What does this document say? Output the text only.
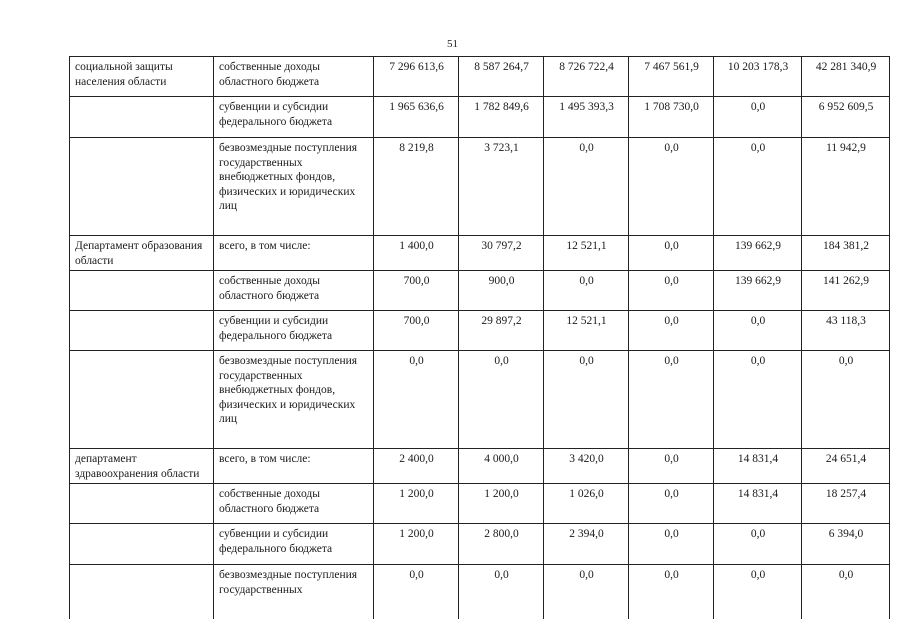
51
социальной защиты населения области	собственные доходы областного бюджета	7 296 613,6	8 587 264,7	8 726 722,4	7 467 561,9	10 203 178,3	42 281 340,9
	субвенции и субсидии федерального бюджета	1 965 636,6	1 782 849,6	1 495 393,3	1 708 730,0	0,0	6 952 609,5
	безвозмездные поступления государственных внебюджетных фондов, физических и юридических лиц	8 219,8	3 723,1	0,0	0,0	0,0	11 942,9
Департамент образования области	всего, в том числе:	1 400,0	30 797,2	12 521,1	0,0	139 662,9	184 381,2
	собственные доходы областного бюджета	700,0	900,0	0,0	0,0	139 662,9	141 262,9
	субвенции и субсидии федерального бюджета	700,0	29 897,2	12 521,1	0,0	0,0	43 118,3
	безвозмездные поступления государственных внебюджетных фондов, физических и юридических лиц	0,0	0,0	0,0	0,0	0,0	0,0
департамент здравоохранения области	всего, в том числе:	2 400,0	4 000,0	3 420,0	0,0	14 831,4	24 651,4
	собственные доходы областного бюджета	1 200,0	1 200,0	1 026,0	0,0	14 831,4	18 257,4
	субвенции и субсидии федерального бюджета	1 200,0	2 800,0	2 394,0	0,0	0,0	6 394,0
	безвозмездные поступления государственных	0,0	0,0	0,0	0,0	0,0	0,0
